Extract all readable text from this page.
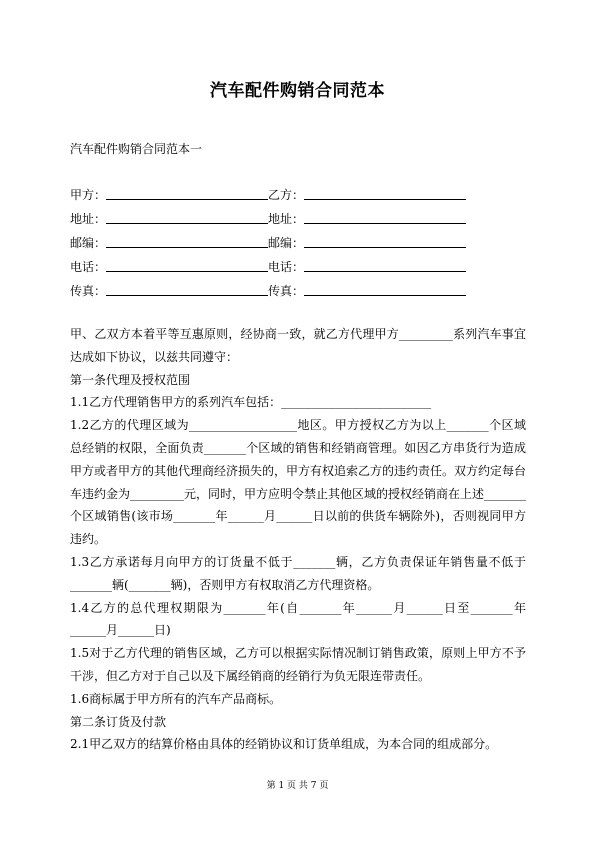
汽车配件购销合同范本
汽车配件购销合同范本一
甲方：	乙方：
地址：	地址：
邮编：	邮编：
电话：	电话：
传真：	传真：

甲、乙双方本着平等互惠原则，经协商一致，就乙方代理甲方_________系列汽车事宜达成如下协议，以兹共同遵守：

第一条代理及授权范围

1.1乙方代理销售甲方的系列汽车包括：_________________________

1.2乙方的代理区域为__________________地区。甲方授权乙方为以上_______个区域总经销的权限，全面负责_______个区域的销售和经销商管理。如因乙方串货行为造成甲方或者甲方的其他代理商经济损失的，甲方有权追索乙方的违约责任。双方约定每台车违约金为_________元，同时，甲方应明令禁止其他区域的授权经销商在上述_______个区域销售(该市场_______年______月______日以前的供货车辆除外)，否则视同甲方违约。

1.3乙方承诺每月向甲方的订货量不低于_______辆，乙方负责保证年销售量不低于_______辆(_______辆)，否则甲方有权取消乙方代理资格。

1.4乙方的总代理权期限为_______年(自_______年______月______日至_______年______月______日)

1.5对于乙方代理的销售区域，乙方可以根据实际情况制订销售政策，原则上甲方不予干涉，但乙方对于自己以及下属经销商的经销行为负无限连带责任。

1.6商标属于甲方所有的汽车产品商标。

第二条订货及付款

2.1甲乙双方的结算价格由具体的经销协议和订货单组成，为本合同的组成部分。

第 1 页 共 7 页
